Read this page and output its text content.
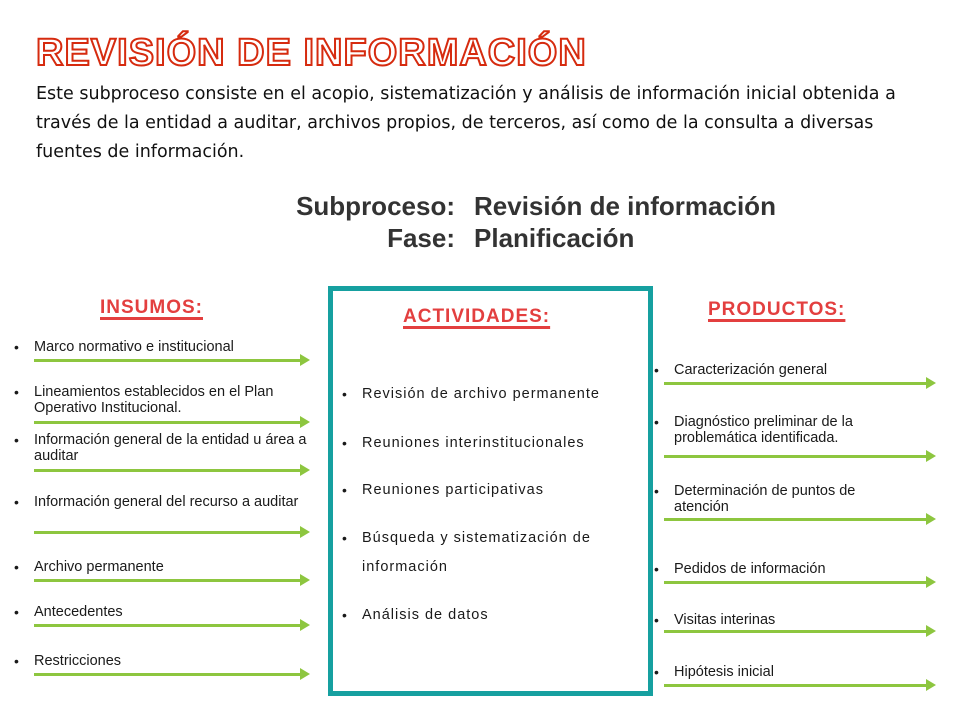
REVISIÓN DE INFORMACIÓN

Este subproceso consiste en el acopio, sistematización y análisis de información inicial obtenida a través de la entidad a auditar, archivos propios, de terceros, así como de la consulta a diversas fuentes de información.

Subproceso:
Fase:
Revisión de información
Planificación
INSUMOS:
• Marco normativo e institucional
• Lineamientos establecidos en el Plan Operativo Institucional.
• Información general de la entidad u área a auditar
• Información general del recurso a auditar
• Archivo permanente
• Antecedentes
• Restricciones
ACTIVIDADES:
• Revisión de archivo permanente
• Reuniones interinstitucionales
• Reuniones participativas
• Búsqueda y sistematización de información
• Análisis de datos
PRODUCTOS:
• Caracterización general
• Diagnóstico preliminar de la problemática identificada.
• Determinación de puntos de atención
• Pedidos de información
• Visitas interinas
• Hipótesis inicial
